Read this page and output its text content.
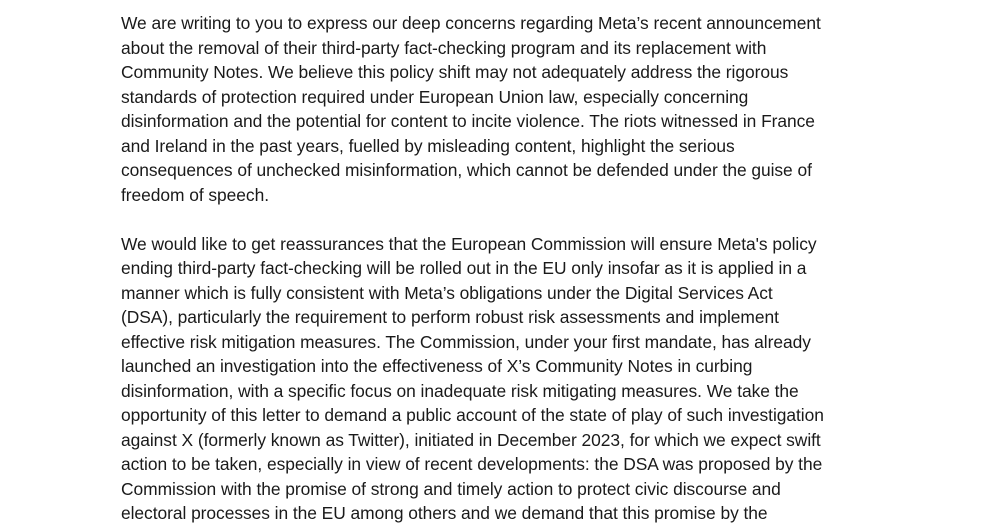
We are writing to you to express our deep concerns regarding Meta’s recent announcement
about the removal of their third-party fact-checking program and its replacement with
Community Notes. We believe this policy shift may not adequately address the rigorous
standards of protection required under European Union law, especially concerning
disinformation and the potential for content to incite violence. The riots witnessed in France
and Ireland in the past years, fuelled by misleading content, highlight the serious
consequences of unchecked misinformation, which cannot be defended under the guise of
freedom of speech.
We would like to get reassurances that the European Commission will ensure Meta's policy
ending third-party fact-checking will be rolled out in the EU only insofar as it is applied in a
manner which is fully consistent with Meta’s obligations under the Digital Services Act
(DSA), particularly the requirement to perform robust risk assessments and implement
effective risk mitigation measures. The Commission, under your first mandate, has already
launched an investigation into the effectiveness of X’s Community Notes in curbing
disinformation, with a specific focus on inadequate risk mitigating measures. We take the
opportunity of this letter to demand a public account of the state of play of such investigation
against X (formerly known as Twitter), initiated in December 2023, for which we expect swift
action to be taken, especially in view of recent developments: the DSA was proposed by the
Commission with the promise of strong and timely action to protect civic discourse and
electoral processes in the EU among others and we demand that this promise by the
